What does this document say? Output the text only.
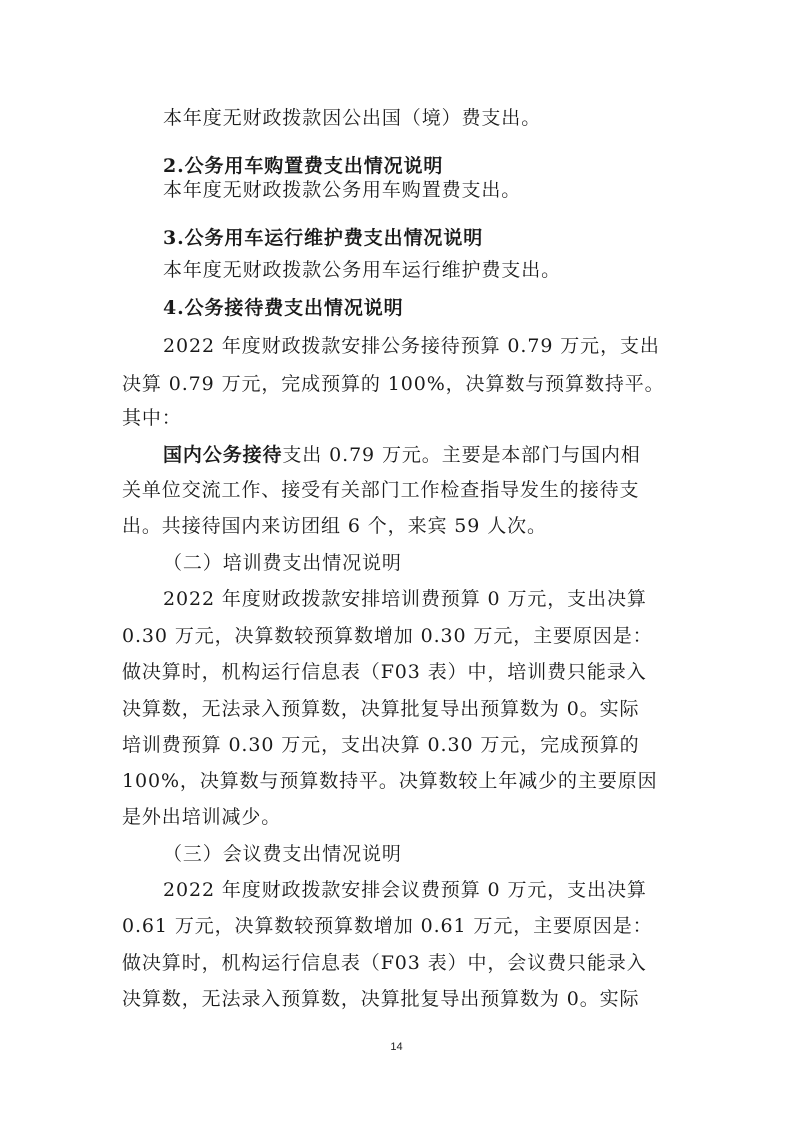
本年度无财政拨款因公出国（境）费支出。
2.公务用车购置费支出情况说明
本年度无财政拨款公务用车购置费支出。
3.公务用车运行维护费支出情况说明
本年度无财政拨款公务用车运行维护费支出。
4.公务接待费支出情况说明
2022 年度财政拨款安排公务接待预算 0.79 万元，支出
决算 0.79 万元，完成预算的 100%，决算数与预算数持平。
其中：
国内公务接待支出 0.79 万元。主要是本部门与国内相
关单位交流工作、接受有关部门工作检查指导发生的接待支
出。共接待国内来访团组 6 个，来宾 59 人次。
（二）培训费支出情况说明
2022 年度财政拨款安排培训费预算 0 万元，支出决算
0.30 万元，决算数较预算数增加 0.30 万元，主要原因是：
做决算时，机构运行信息表（F03 表）中，培训费只能录入
决算数，无法录入预算数，决算批复导出预算数为 0。实际
培训费预算 0.30 万元，支出决算 0.30 万元，完成预算的
100%，决算数与预算数持平。决算数较上年减少的主要原因
是外出培训减少。
（三）会议费支出情况说明
2022 年度财政拨款安排会议费预算 0 万元，支出决算
0.61 万元，决算数较预算数增加 0.61 万元，主要原因是：
做决算时，机构运行信息表（F03 表）中，会议费只能录入
决算数，无法录入预算数，决算批复导出预算数为 0。实际
14
